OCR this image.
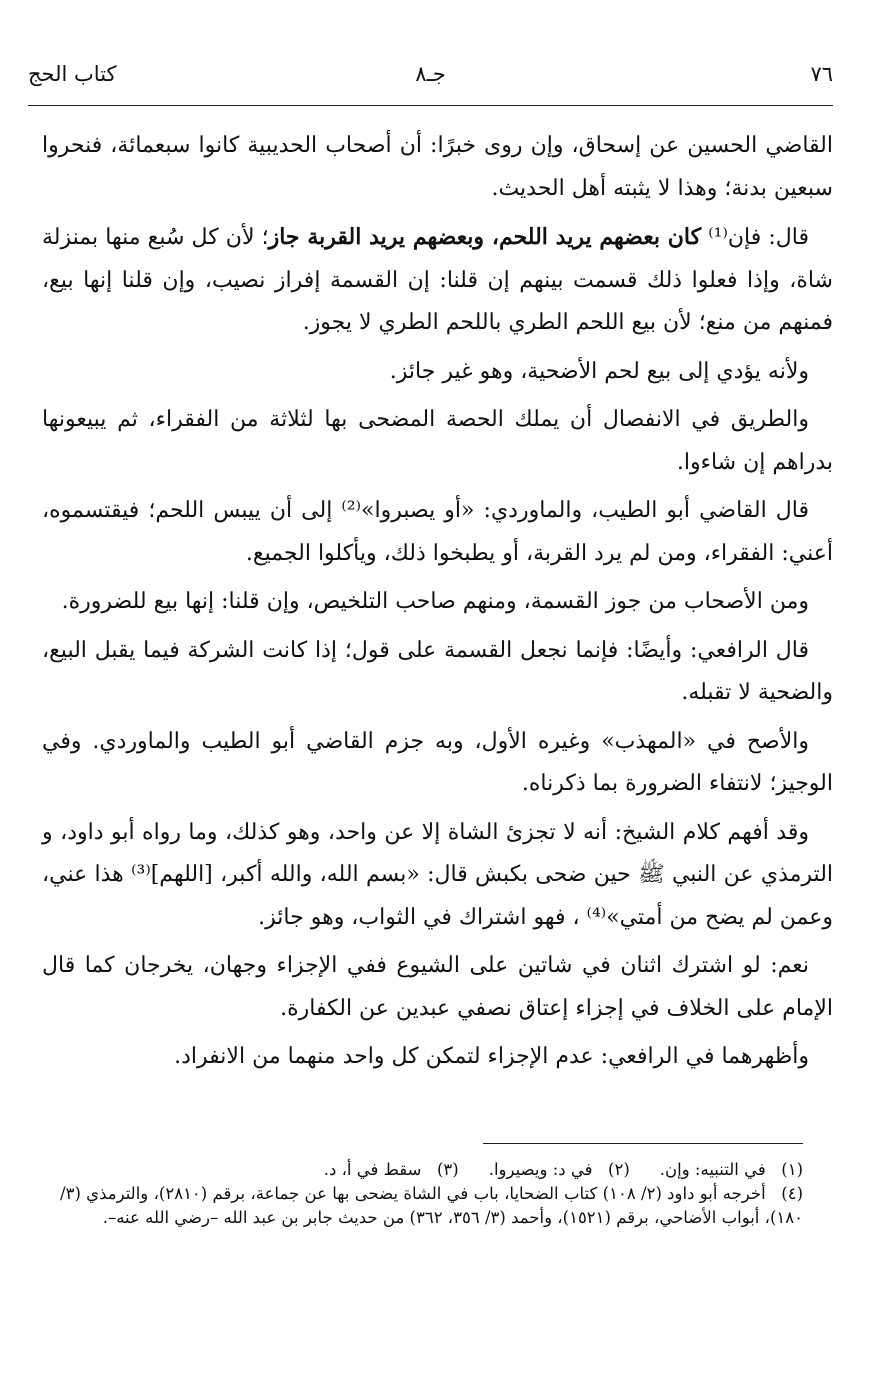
٧٦
جـ٨
كتاب الحج

القاضي الحسين عن إسحاق، وإن روى خبرًا: أن أصحاب الحديبية كانوا سبعمائة، فنحروا سبعين بدنة؛ وهذا لا يثبته أهل الحديث.

قال: فإن⁽¹⁾ كان بعضهم يريد اللحم، وبعضهم يريد القربة جاز؛ لأن كل سُبع منها بمنزلة شاة، وإذا فعلوا ذلك قسمت بينهم إن قلنا: إن القسمة إفراز نصيب، وإن قلنا إنها بيع، فمنهم من منع؛ لأن بيع اللحم الطري باللحم الطري لا يجوز.

ولأنه يؤدي إلى بيع لحم الأضحية، وهو غير جائز.

والطريق في الانفصال أن يملك الحصة المضحى بها لثلاثة من الفقراء، ثم يبيعونها بدراهم إن شاءوا.

قال القاضي أبو الطيب، والماوردي: «أو يصبروا»⁽²⁾ إلى أن ييبس اللحم؛ فيقتسموه، أعني: الفقراء، ومن لم يرد القربة، أو يطبخوا ذلك، ويأكلوا الجميع.

ومن الأصحاب من جوز القسمة، ومنهم صاحب التلخيص، وإن قلنا: إنها بيع للضرورة.

قال الرافعي: وأيضًا: فإنما نجعل القسمة على قول؛ إذا كانت الشركة فيما يقبل البيع، والضحية لا تقبله.

والأصح في «المهذب» وغيره الأول، وبه جزم القاضي أبو الطيب والماوردي. وفي الوجيز؛ لانتفاء الضرورة بما ذكرناه.

وقد أفهم كلام الشيخ: أنه لا تجزئ الشاة إلا عن واحد، وهو كذلك، وما رواه أبو داود، و الترمذي عن النبي ﷺ حين ضحى بكبش قال: «بسم الله، والله أكبر، [اللهم]⁽³⁾ هذا عني، وعمن لم يضح من أمتي»⁽⁴⁾ ، فهو اشتراك في الثواب، وهو جائز.

نعم: لو اشترك اثنان في شاتين على الشيوع ففي الإجزاء وجهان، يخرجان كما قال الإمام على الخلاف في إجزاء إعتاق نصفي عبدين عن الكفارة.

وأظهرهما في الرافعي: عدم الإجزاء لتمكن كل واحد منهما من الانفراد.

(١) في التنبيه: وإن.
(٢) في د: ويصيروا.
(٣) سقط في أ، د.
(٤) أخرجه أبو داود (٢/ ١٠٨) كتاب الضحايا، باب في الشاة يضحى بها عن جماعة، برقم (٢٨١٠)، والترمذي (٣/ ١٨٠)، أبواب الأضاحي، برقم (١٥٢١)، وأحمد (٣/ ٣٥٦، ٣٦٢) من حديث جابر بن عبد الله –رضي الله عنه–.
